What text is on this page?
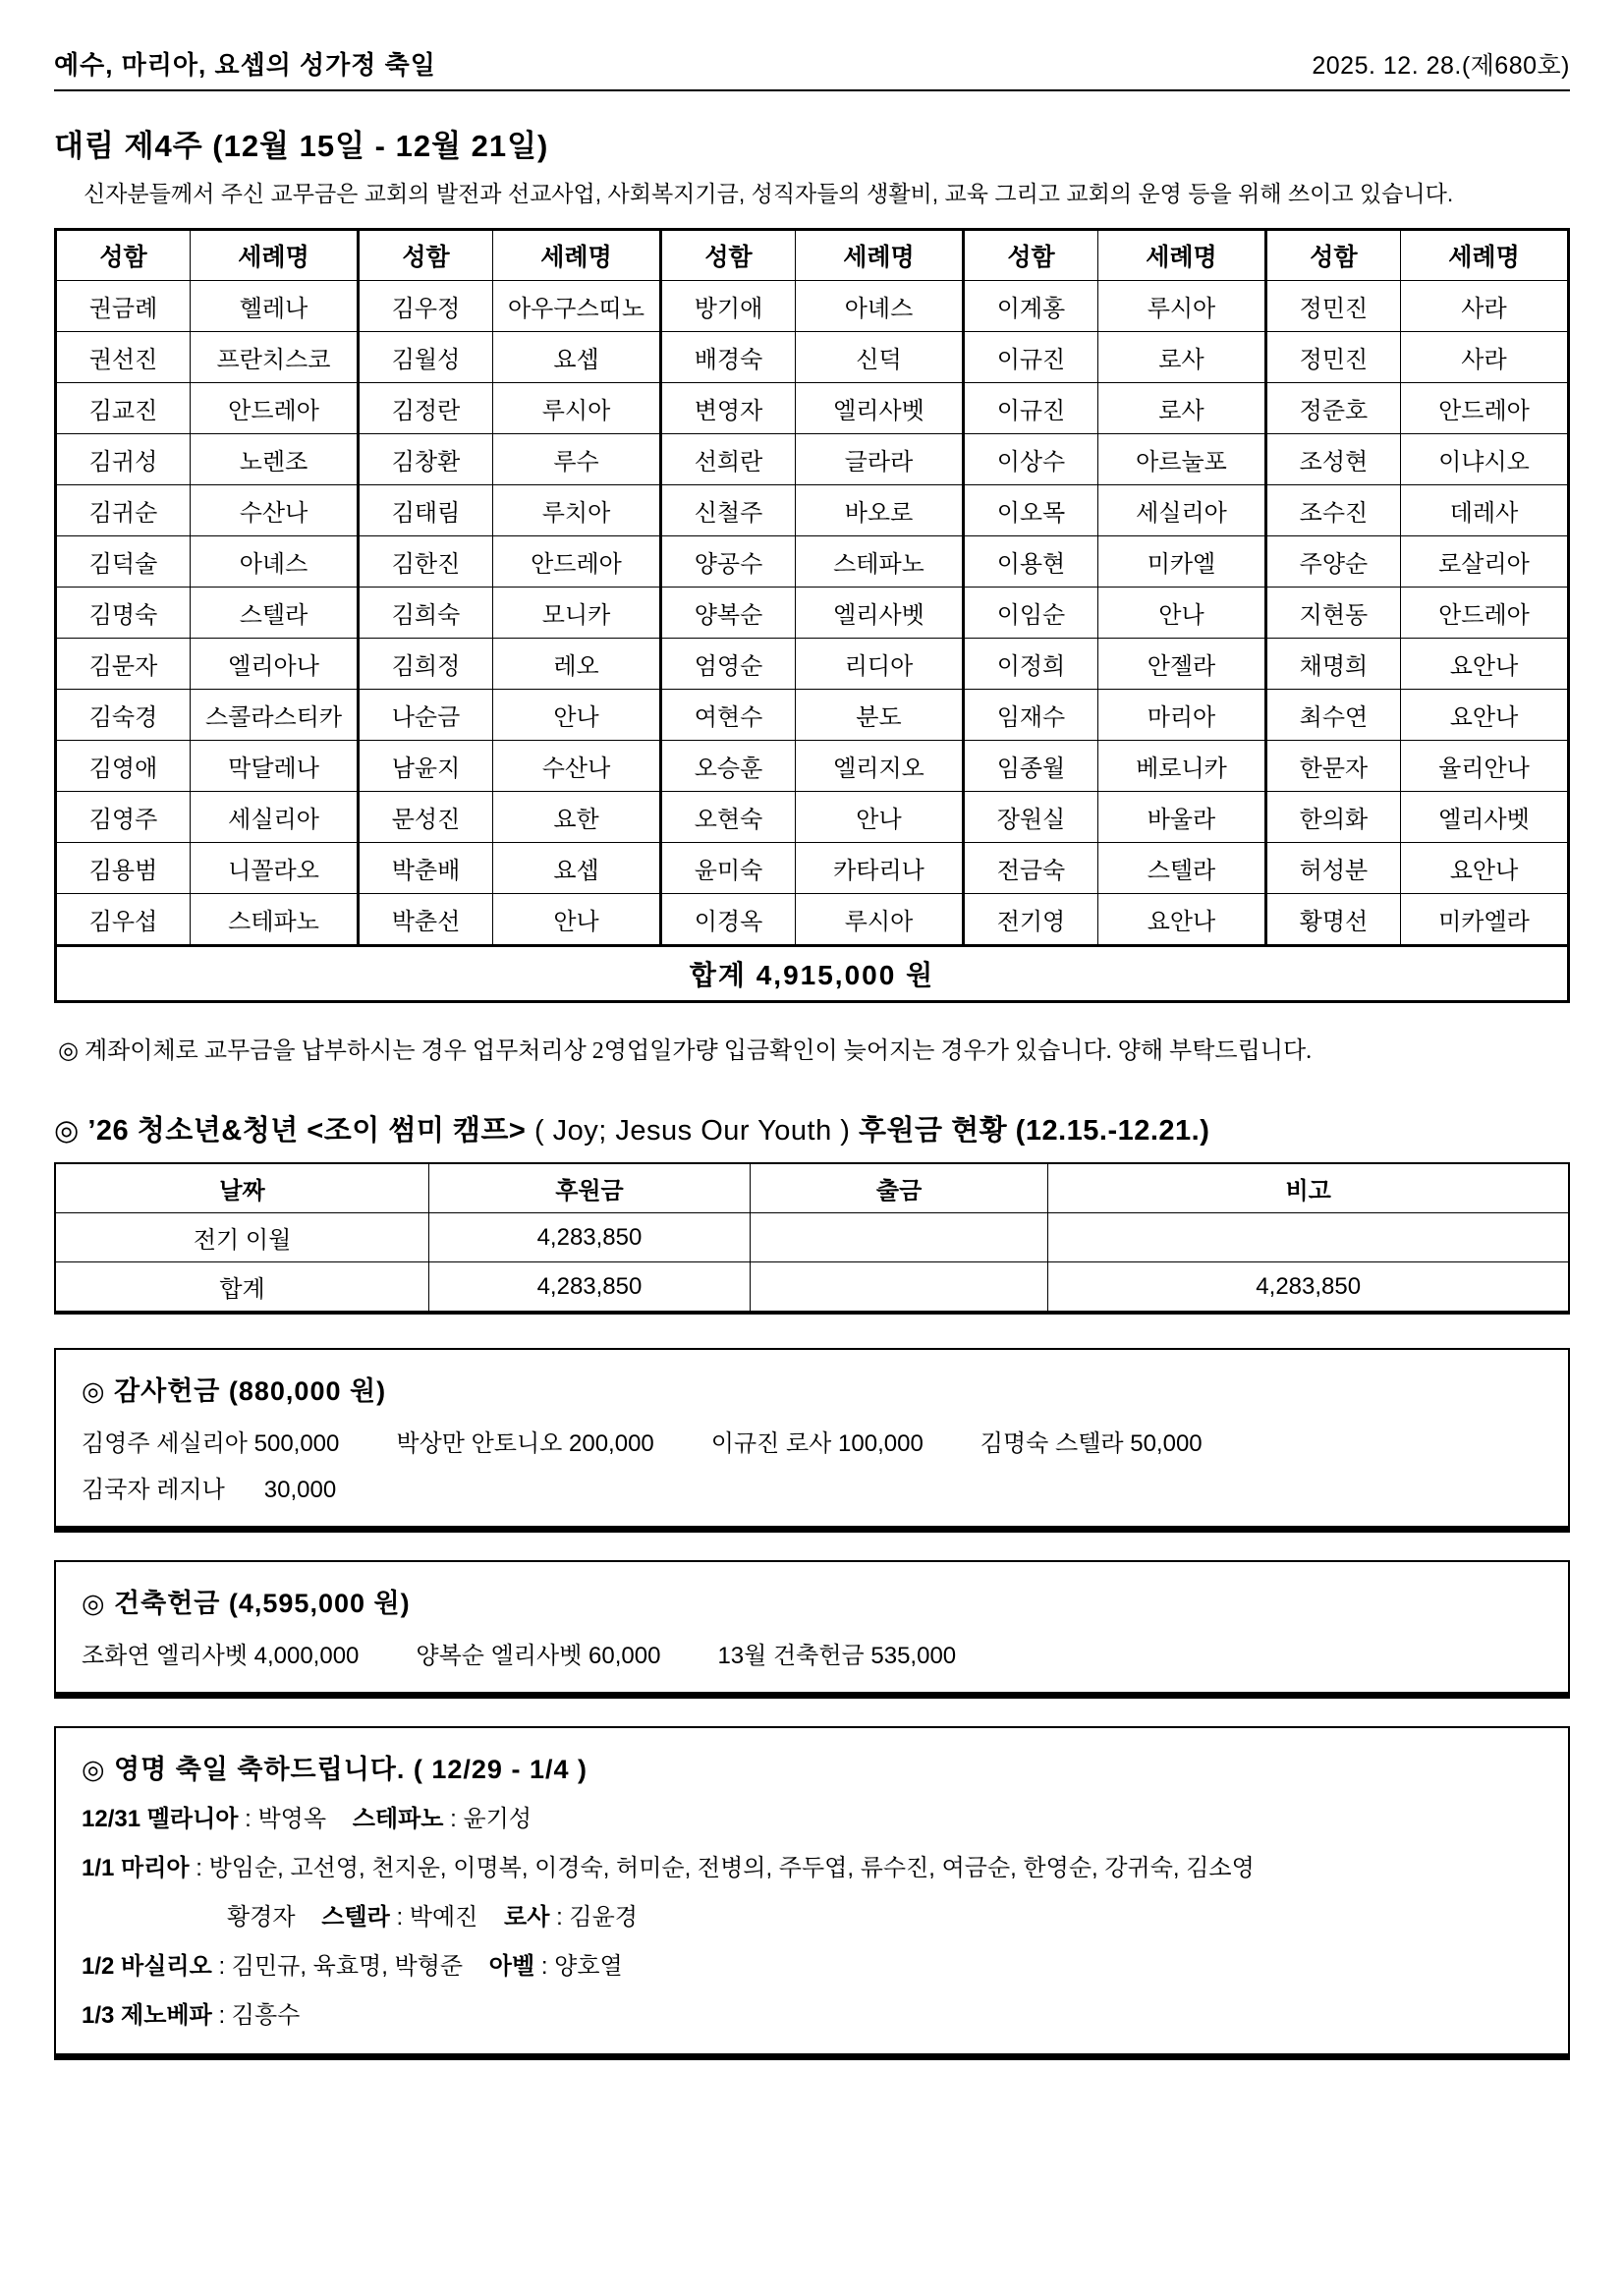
예수, 마리아, 요셉의 성가정 축일	2025. 12. 28.(제680호)
대림 제4주 (12월 15일 - 12월 21일)

신자분들께서 주신 교무금은 교회의 발전과 선교사업, 사회복지기금, 성직자들의 생활비, 교육 그리고 교회의 운영 등을 위해 쓰이고 있습니다.

성함	세례명	성함	세례명	성함	세례명	성함	세례명	성함	세례명
권금례	헬레나	김우정	아우구스띠노	방기애	아녜스	이계홍	루시아	정민진	사라
권선진	프란치스코	김월성	요셉	배경숙	신덕	이규진	로사	정민진	사라
김교진	안드레아	김정란	루시아	변영자	엘리사벳	이규진	로사	정준호	안드레아
김귀성	노렌조	김창환	루수	선희란	글라라	이상수	아르눌포	조성현	이냐시오
김귀순	수산나	김태림	루치아	신철주	바오로	이오목	세실리아	조수진	데레사
김덕술	아녜스	김한진	안드레아	양공수	스테파노	이용현	미카엘	주양순	로살리아
김명숙	스텔라	김희숙	모니카	양복순	엘리사벳	이임순	안나	지현동	안드레아
김문자	엘리아나	김희정	레오	엄영순	리디아	이정희	안젤라	채명희	요안나
김숙경	스콜라스티카	나순금	안나	여현수	분도	임재수	마리아	최수연	요안나
김영애	막달레나	남윤지	수산나	오승훈	엘리지오	임종월	베로니카	한문자	율리안나
김영주	세실리아	문성진	요한	오현숙	안나	장원실	바울라	한의화	엘리사벳
김용범	니꼴라오	박춘배	요셉	윤미숙	카타리나	전금숙	스텔라	허성분	요안나
김우섭	스테파노	박춘선	안나	이경옥	루시아	전기영	요안나	황명선	미카엘라
합계 4,915,000 원									

◎ 계좌이체로 교무금을 납부하시는 경우 업무처리상 2영업일가량 입금확인이 늦어지는 경우가 있습니다. 양해 부탁드립니다.

◎ ’26 청소년&청년 <조이 썸미 캠프> ( Joy; Jesus Our Youth ) 후원금 현황 (12.15.-12.21.)
날짜	후원금	출금	비고
전기 이월	4,283,850		
합계	4,283,850		4,283,850
◎ 감사헌금 (880,000 원)
김영주 세실리아 500,000 박상만 안토니오 200,000 이규진 로사 100,000 김명숙 스텔라 50,000
김국자 레지나      30,000
◎ 건축헌금 (4,595,000 원)
조화연 엘리사벳 4,000,000 양복순 엘리사벳 60,000 13월 건축헌금 535,000
◎ 영명 축일 축하드립니다. ( 12/29 - 1/4 )
12/31 멜라니아 : 박영옥    스테파노 : 윤기성
1/1 마리아 : 방임순, 고선영, 천지운, 이명복, 이경숙, 허미순, 전병의, 주두엽, 류수진, 여금순, 한영순, 강귀숙, 김소영
황경자    스텔라 : 박예진    로사 : 김윤경
1/2 바실리오 : 김민규, 육효명, 박형준    아벨 : 양호열
1/3 제노베파 : 김흥수
